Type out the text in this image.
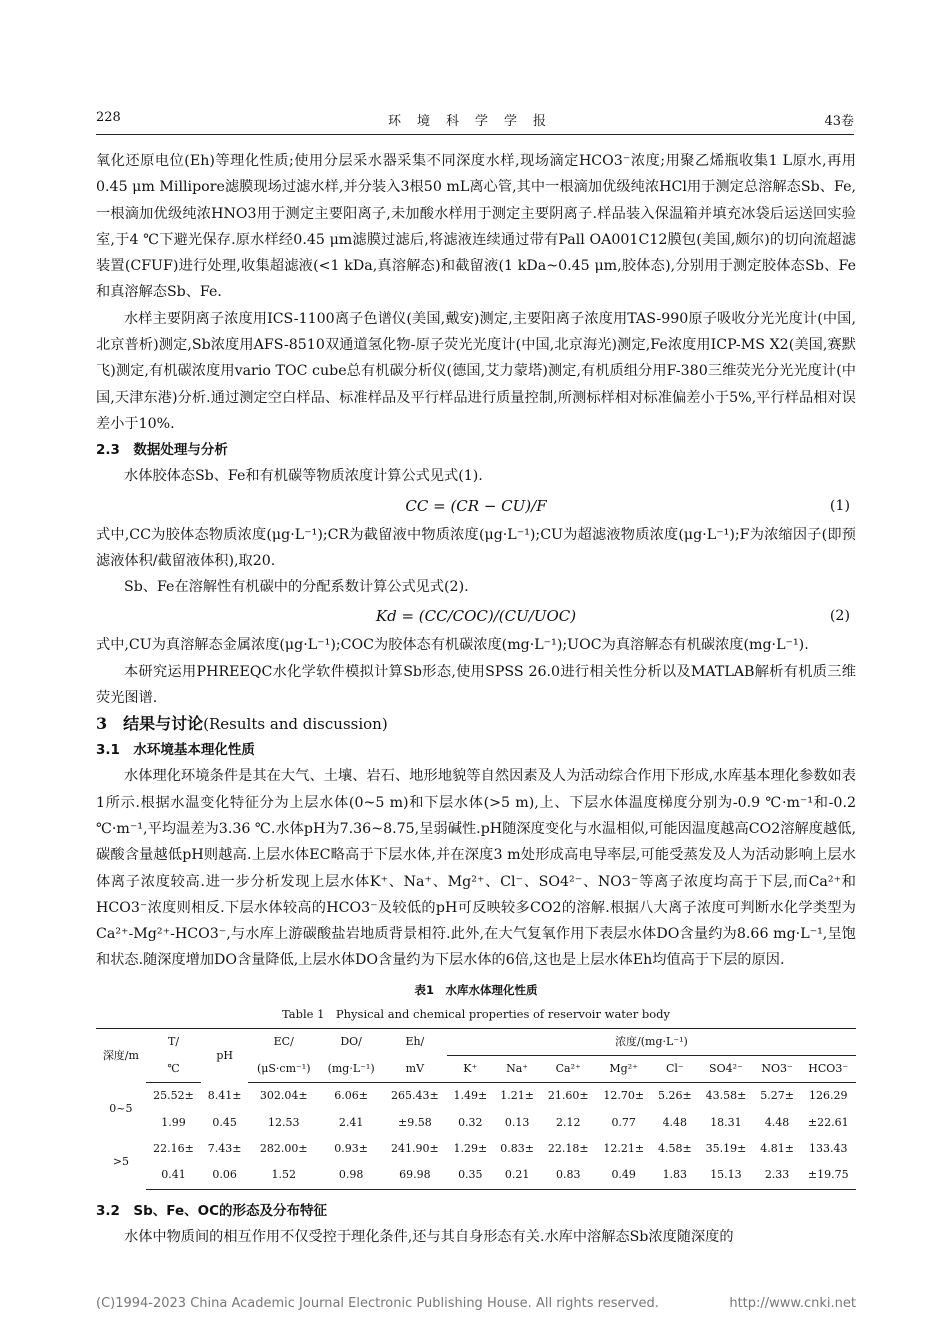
228	环境科学学报	43卷

氧化还原电位(Eh)等理化性质;使用分层采水器采集不同深度水样,现场滴定HCO3⁻浓度;用聚乙烯瓶收集1 L原水,再用0.45 μm Millipore滤膜现场过滤水样,并分装入3根50 mL离心管,其中一根滴加优级纯浓HCl用于测定总溶解态Sb、Fe,一根滴加优级纯浓HNO3用于测定主要阳离子,未加酸水样用于测定主要阴离子.样品装入保温箱并填充冰袋后运送回实验室,于4 ℃下避光保存.原水样经0.45 μm滤膜过滤后,将滤液连续通过带有Pall OA001C12膜包(美国,颇尔)的切向流超滤装置(CFUF)进行处理,收集超滤液(<1 kDa,真溶解态)和截留液(1 kDa~0.45 μm,胶体态),分别用于测定胶体态Sb、Fe和真溶解态Sb、Fe.

水样主要阴离子浓度用ICS-1100离子色谱仪(美国,戴安)测定,主要阳离子浓度用TAS-990原子吸收分光光度计(中国,北京普析)测定,Sb浓度用AFS-8510双通道氢化物-原子荧光光度计(中国,北京海光)测定,Fe浓度用ICP-MS X2(美国,赛默飞)测定,有机碳浓度用vario TOC cube总有机碳分析仪(德国,艾力蒙塔)测定,有机质组分用F-380三维荧光分光光度计(中国,天津东港)分析.通过测定空白样品、标准样品及平行样品进行质量控制,所测标样相对标准偏差小于5%,平行样品相对误差小于10%.

2.3　数据处理与分析

水体胶体态Sb、Fe和有机碳等物质浓度计算公式见式(1).

CC = (CR − CU)/F	(1)

式中,CC为胶体态物质浓度(μg·L⁻¹);CR为截留液中物质浓度(μg·L⁻¹);CU为超滤液物质浓度(μg·L⁻¹);F为浓缩因子(即预滤液体积/截留液体积),取20.

Sb、Fe在溶解性有机碳中的分配系数计算公式见式(2).

Kd = (CC/COC)/(CU/UOC)	(2)

式中,CU为真溶解态金属浓度(μg·L⁻¹);COC为胶体态有机碳浓度(mg·L⁻¹);UOC为真溶解态有机碳浓度(mg·L⁻¹).

本研究运用PHREEQC水化学软件模拟计算Sb形态,使用SPSS 26.0进行相关性分析以及MATLAB解析有机质三维荧光图谱.

3　结果与讨论(Results and discussion)

3.1　水环境基本理化性质

水体理化环境条件是其在大气、土壤、岩石、地形地貌等自然因素及人为活动综合作用下形成,水库基本理化参数如表1所示.根据水温变化特征分为上层水体(0~5 m)和下层水体(>5 m),上、下层水体温度梯度分别为-0.9 ℃·m⁻¹和-0.2 ℃·m⁻¹,平均温差为3.36 ℃.水体pH为7.36~8.75,呈弱碱性.pH随深度变化与水温相似,可能因温度越高CO2溶解度越低,碳酸含量越低pH则越高.上层水体EC略高于下层水体,并在深度3 m处形成高电导率层,可能受蒸发及人为活动影响上层水体离子浓度较高.进一步分析发现上层水体K⁺、Na⁺、Mg²⁺、Cl⁻、SO4²⁻、NO3⁻等离子浓度均高于下层,而Ca²⁺和HCO3⁻浓度则相反.下层水体较高的HCO3⁻及较低的pH可反映较多CO2的溶解.根据八大离子浓度可判断水化学类型为Ca²⁺-Mg²⁺-HCO3⁻,与水库上游碳酸盐岩地质背景相符.此外,在大气复氧作用下表层水体DO含量约为8.66 mg·L⁻¹,呈饱和状态.随深度增加DO含量降低,上层水体DO含量约为下层水体的6倍,这也是上层水体Eh均值高于下层的原因.

表1　水库水体理化性质
Table 1　Physical and chemical properties of reservoir water body
深度/m	T/	pH	EC/	DO/	Eh/	浓度/(mg·L⁻¹)							
	℃		(μS·cm⁻¹)	(mg·L⁻¹)	mV	K⁺	Na⁺	Ca²⁺	Mg²⁺	Cl⁻	SO4²⁻	NO3⁻	HCO3⁻
0~5	25.52±	8.41±	302.04±	6.06±	265.43±	1.49±	1.21±	21.60±	12.70±	5.26±	43.58±	5.27±	126.29
	1.99	0.45	12.53	2.41	±9.58	0.32	0.13	2.12	0.77	4.48	18.31	4.48	±22.61
>5	22.16±	7.43±	282.00±	0.93±	241.90±	1.29±	0.83±	22.18±	12.21±	4.58±	35.19±	4.81±	133.43
	0.41	0.06	1.52	0.98	69.98	0.35	0.21	0.83	0.49	1.83	15.13	2.33	±19.75

3.2　Sb、Fe、OC的形态及分布特征

水体中物质间的相互作用不仅受控于理化条件,还与其自身形态有关.水库中溶解态Sb浓度随深度的

(C)1994-2023 China Academic Journal Electronic Publishing House. All rights reserved.	http://www.cnki.net
